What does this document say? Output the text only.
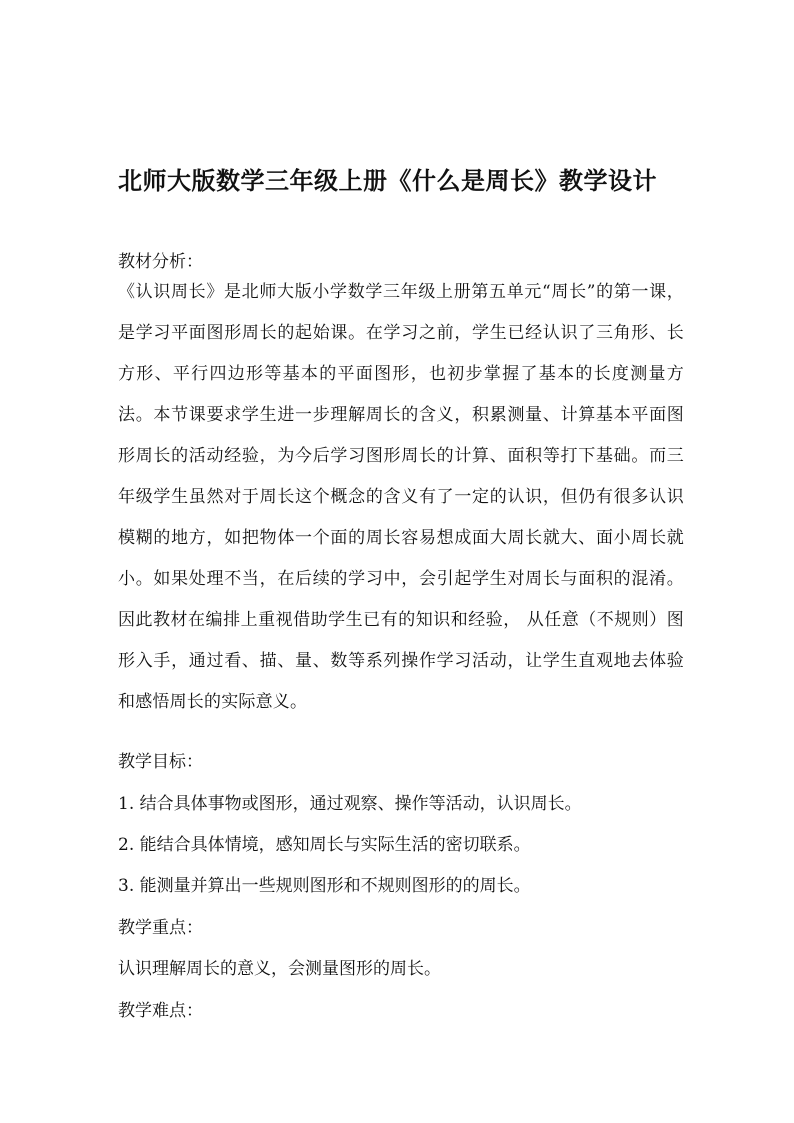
北师大版数学三年级上册《什么是周长》教学设计
教材分析：
《认识周长》是北师大版小学数学三年级上册第五单元“周长”的第一课，是学习平面图形周长的起始课。在学习之前，学生已经认识了三角形、长方形、平行四边形等基本的平面图形，也初步掌握了基本的长度测量方法。本节课要求学生进一步理解周长的含义，积累测量、计算基本平面图形周长的活动经验，为今后学习图形周长的计算、面积等打下基础。而三年级学生虽然对于周长这个概念的含义有了一定的认识，但仍有很多认识模糊的地方，如把物体一个面的周长容易想成面大周长就大、面小周长就小。如果处理不当，在后续的学习中，会引起学生对周长与面积的混淆。因此教材在编排上重视借助学生已有的知识和经验， 从任意（不规则）图形入手，通过看、描、量、数等系列操作学习活动，让学生直观地去体验和感悟周长的实际意义。
教学目标：
1. 结合具体事物或图形，通过观察、操作等活动，认识周长。
2. 能结合具体情境，感知周长与实际生活的密切联系。
3. 能测量并算出一些规则图形和不规则图形的的周长。
教学重点：
认识理解周长的意义，会测量图形的周长。
教学难点：
